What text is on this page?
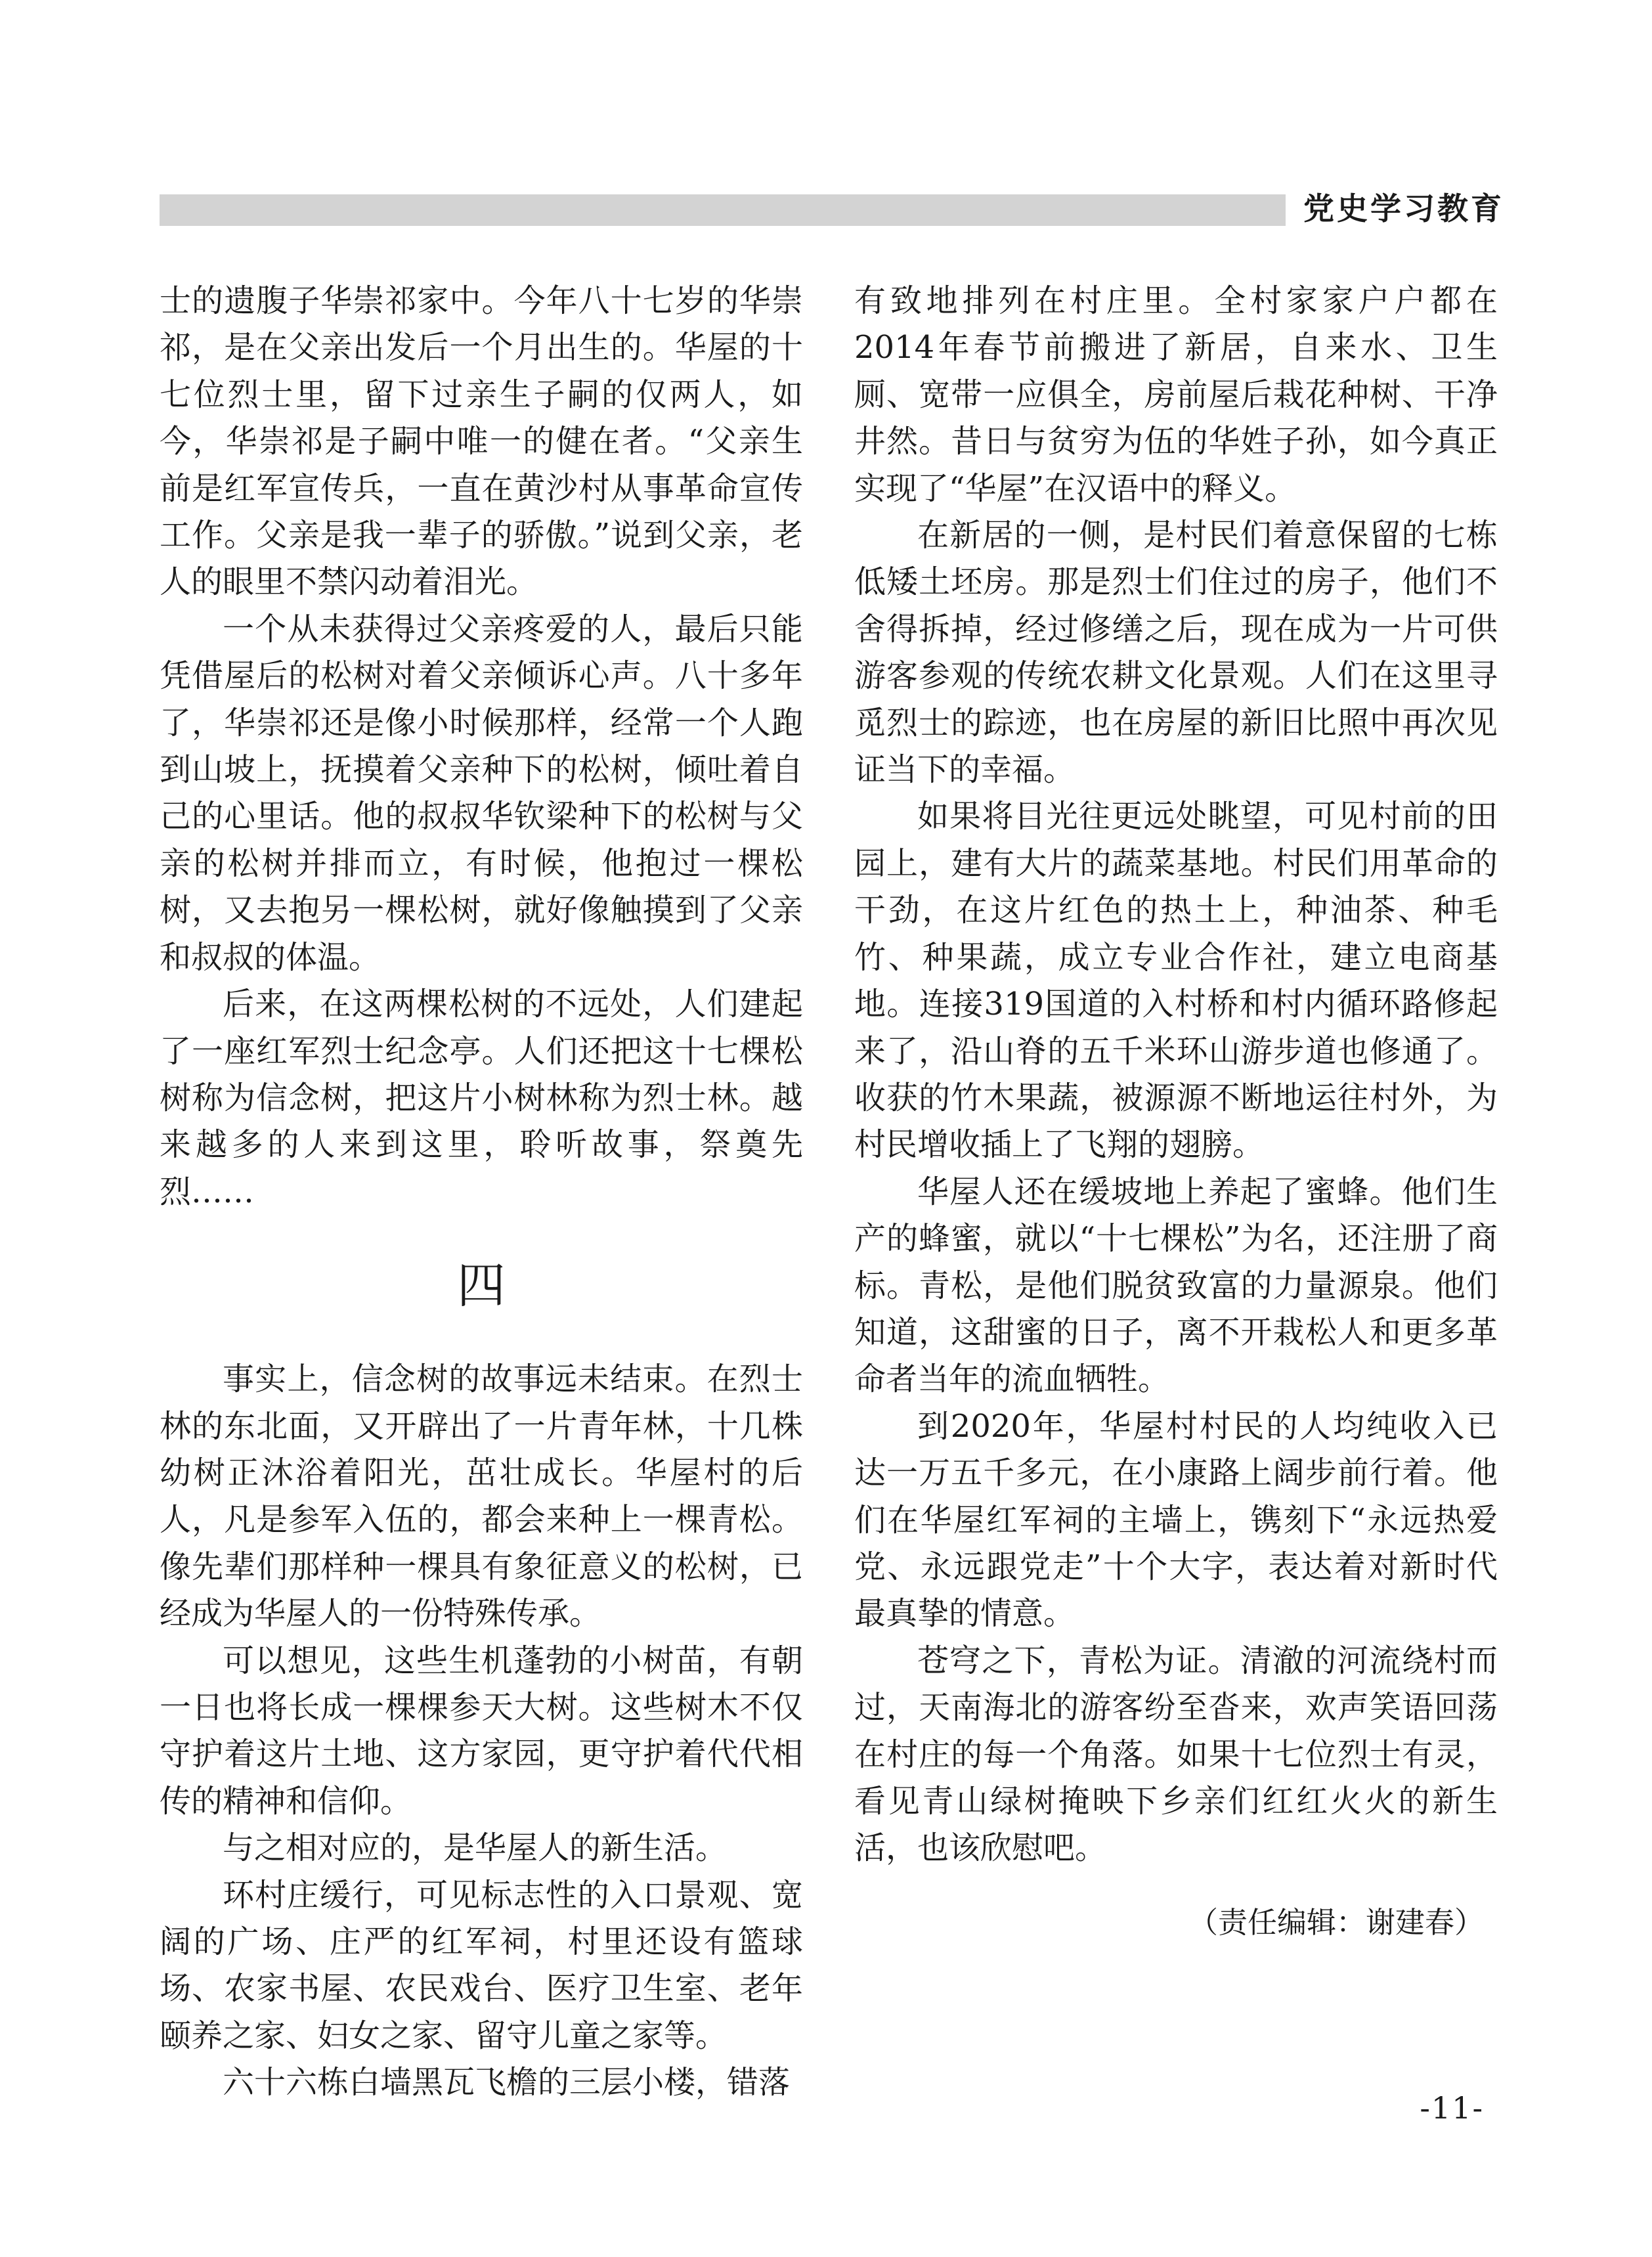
党史学习教育

士的遗腹子华崇祁家中。今年八十七岁的华崇祁，是在父亲出发后一个月出生的。华屋的十七位烈士里，留下过亲生子嗣的仅两人，如今，华崇祁是子嗣中唯一的健在者。“父亲生前是红军宣传兵，一直在黄沙村从事革命宣传工作。父亲是我一辈子的骄傲。”说到父亲，老人的眼里不禁闪动着泪光。

一个从未获得过父亲疼爱的人，最后只能凭借屋后的松树对着父亲倾诉心声。八十多年了，华崇祁还是像小时候那样，经常一个人跑到山坡上，抚摸着父亲种下的松树，倾吐着自己的心里话。他的叔叔华钦梁种下的松树与父亲的松树并排而立，有时候，他抱过一棵松树，又去抱另一棵松树，就好像触摸到了父亲和叔叔的体温。

后来，在这两棵松树的不远处，人们建起了一座红军烈士纪念亭。人们还把这十七棵松树称为信念树，把这片小树林称为烈士林。越来越多的人来到这里，聆听故事，祭奠先烈……

四

事实上，信念树的故事远未结束。在烈士林的东北面，又开辟出了一片青年林，十几株幼树正沐浴着阳光，茁壮成长。华屋村的后人，凡是参军入伍的，都会来种上一棵青松。像先辈们那样种一棵具有象征意义的松树，已经成为华屋人的一份特殊传承。

可以想见，这些生机蓬勃的小树苗，有朝一日也将长成一棵棵参天大树。这些树木不仅守护着这片土地、这方家园，更守护着代代相传的精神和信仰。

与之相对应的，是华屋人的新生活。

环村庄缓行，可见标志性的入口景观、宽阔的广场、庄严的红军祠，村里还设有篮球场、农家书屋、农民戏台、医疗卫生室、老年颐养之家、妇女之家、留守儿童之家等。

六十六栋白墙黑瓦飞檐的三层小楼，错落

有致地排列在村庄里。全村家家户户都在2014年春节前搬进了新居，自来水、卫生厕、宽带一应俱全，房前屋后栽花种树、干净井然。昔日与贫穷为伍的华姓子孙，如今真正实现了“华屋”在汉语中的释义。

在新居的一侧，是村民们着意保留的七栋低矮土坯房。那是烈士们住过的房子，他们不舍得拆掉，经过修缮之后，现在成为一片可供游客参观的传统农耕文化景观。人们在这里寻觅烈士的踪迹，也在房屋的新旧比照中再次见证当下的幸福。

如果将目光往更远处眺望，可见村前的田园上，建有大片的蔬菜基地。村民们用革命的干劲，在这片红色的热土上，种油茶、种毛竹、种果蔬，成立专业合作社，建立电商基地。连接319国道的入村桥和村内循环路修起来了，沿山脊的五千米环山游步道也修通了。收获的竹木果蔬，被源源不断地运往村外，为村民增收插上了飞翔的翅膀。

华屋人还在缓坡地上养起了蜜蜂。他们生产的蜂蜜，就以“十七棵松”为名，还注册了商标。青松，是他们脱贫致富的力量源泉。他们知道，这甜蜜的日子，离不开栽松人和更多革命者当年的流血牺牲。

到2020年，华屋村村民的人均纯收入已达一万五千多元，在小康路上阔步前行着。他们在华屋红军祠的主墙上，镌刻下“永远热爱党、永远跟党走”十个大字，表达着对新时代最真挚的情意。

苍穹之下，青松为证。清澈的河流绕村而过，天南海北的游客纷至沓来，欢声笑语回荡在村庄的每一个角落。如果十七位烈士有灵，看见青山绿树掩映下乡亲们红红火火的新生活，也该欣慰吧。

（责任编辑：谢建春）
-11-
